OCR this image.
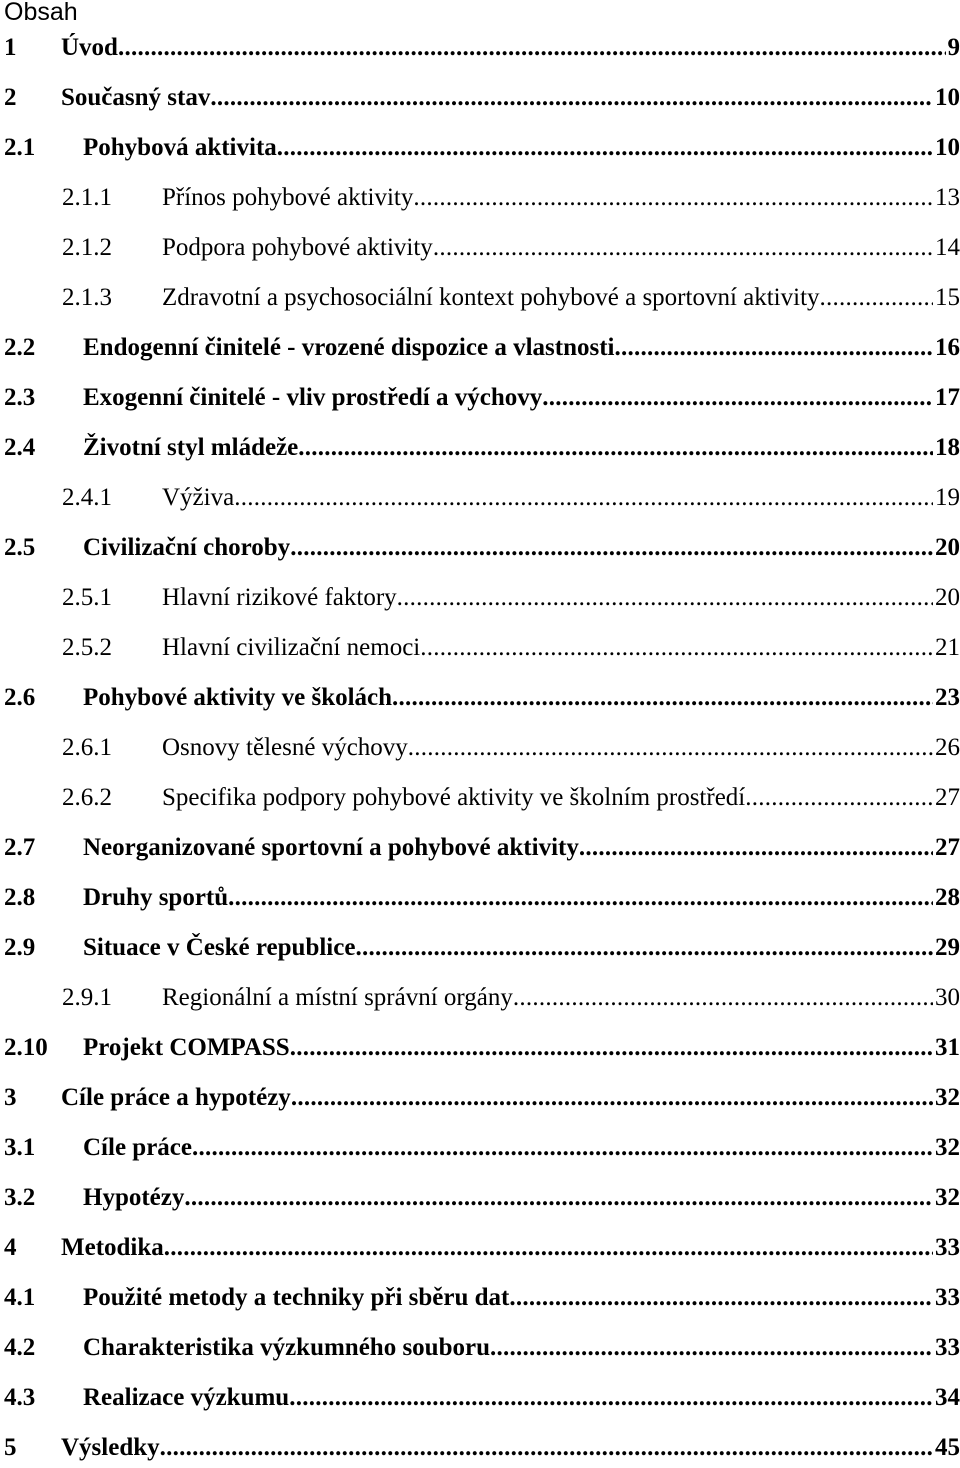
Obsah
1 Úvod . . .	9
2 Současný stav . . .	10
2.1 Pohybová aktivita . . .	10
2.1.1 Přínos pohybové aktivity . . .	13
2.1.2 Podpora pohybové aktivity . . .	14
2.1.3 Zdravotní a psychosociální kontext pohybové a sportovní aktivity . . .	15
2.2 Endogenní činitelé - vrozené dispozice a vlastnosti . . .	16
2.3 Exogenní činitelé - vliv prostředí a výchovy . . .	17
2.4 Životní styl mládeže . . .	18
2.4.1 Výživa . . .	19
2.5 Civilizační choroby . . .	20
2.5.1 Hlavní rizikové faktory . . .	20
2.5.2 Hlavní civilizační nemoci . . .	21
2.6 Pohybové aktivity ve školách . . .	23
2.6.1 Osnovy tělesné výchovy . . .	26
2.6.2 Specifika podpory pohybové aktivity ve školním prostředí . . .	27
2.7 Neorganizované sportovní a pohybové aktivity . . .	27
2.8 Druhy sportů . . .	28
2.9 Situace v České republice . . .	29
2.9.1 Regionální a místní správní orgány . . .	30
2.10 Projekt COMPASS . . .	31
3 Cíle práce a hypotézy . . .	32
3.1 Cíle práce . . .	32
3.2 Hypotézy . . .	32
4 Metodika . . .	33
4.1 Použité metody a techniky při sběru dat . . .	33
4.2 Charakteristika výzkumného souboru . . .	33
4.3 Realizace výzkumu . . .	34
5 Výsledky . . .	45
